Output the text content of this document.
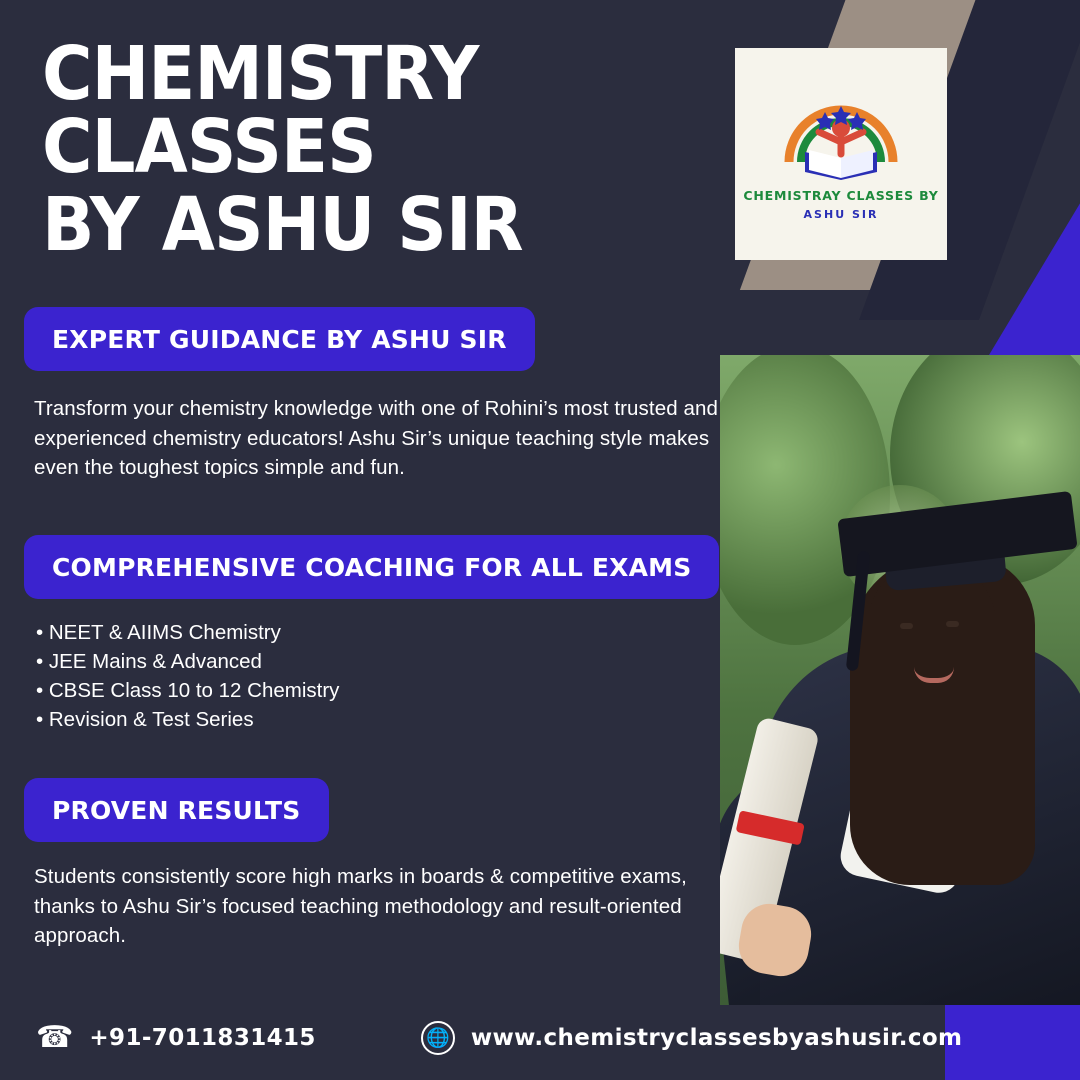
CHEMISTRY CLASSES
BY ASHU SIR	CHEMISTRAY CLASSES BY
ASHU SIR
EXPERT GUIDANCE BY ASHU SIR

Transform your chemistry knowledge with one of Rohini’s most trusted and experienced chemistry educators! Ashu Sir’s unique teaching style makes even the toughest topics simple and fun.

COMPREHENSIVE COACHING FOR ALL EXAMS
• NEET & AIIMS Chemistry
• JEE Mains & Advanced
• CBSE Class 10 to 12 Chemistry
• Revision & Test Series
PROVEN RESULTS

Students consistently score high marks in boards & competitive exams, thanks to Ashu Sir’s focused teaching methodology and result-oriented approach.

☎ +91-7011831415	🌐 www.chemistryclassesbyashusir.com
